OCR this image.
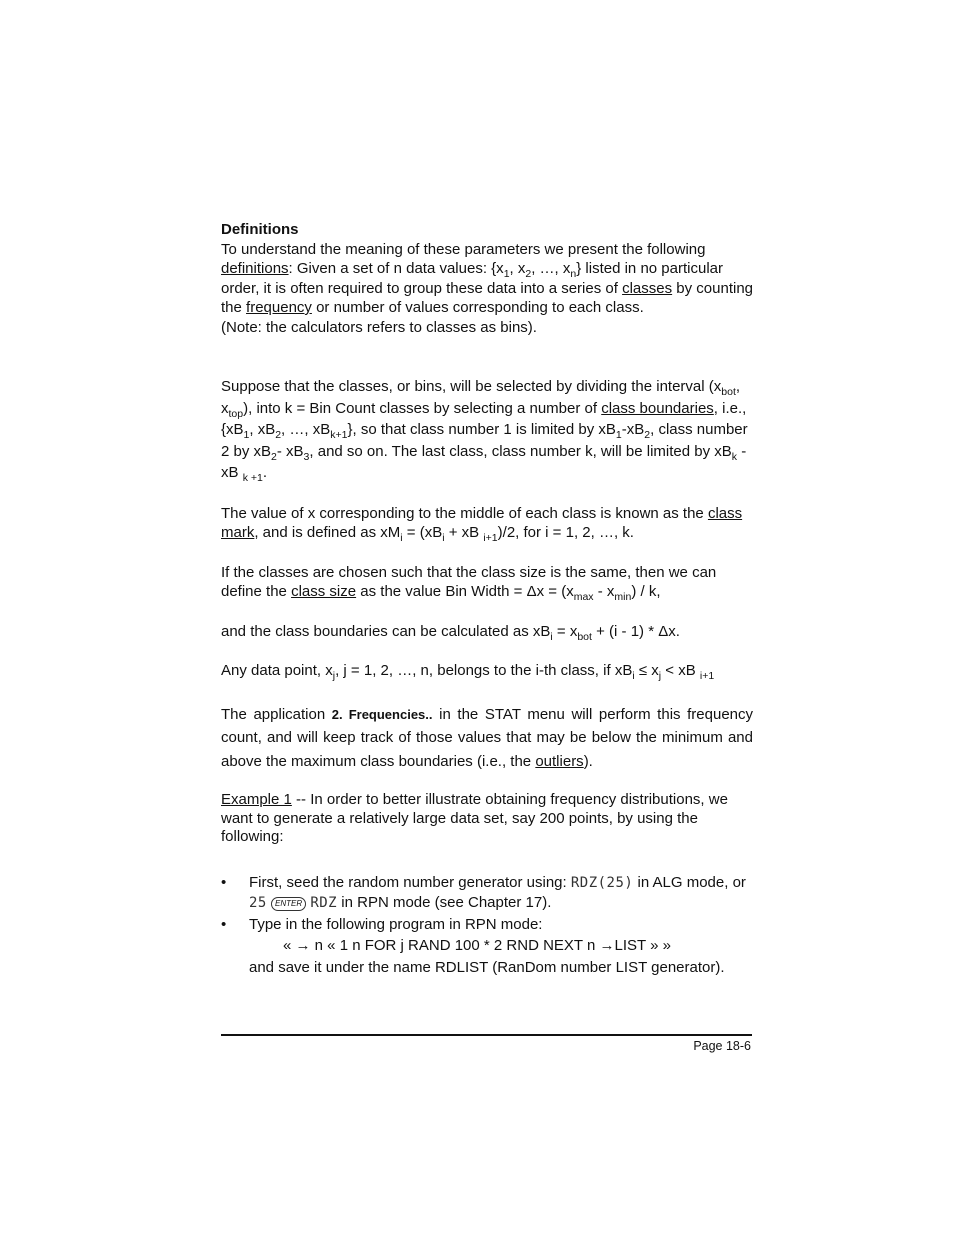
Definitions

To understand the meaning of these parameters we present the following definitions: Given a set of n data values: {$x_1$, $x_2$, …, $x_n$} listed in no particular order, it is often required to group these data into a series of classes by counting the frequency or number of values corresponding to each class.
(Note: the calculators refers to classes as bins).

Suppose that the classes, or bins, will be selected by dividing the interval ($x_{bot}$, $x_{top}$), into k = Bin Count classes by selecting a number of class boundaries, i.e., {$xB_1$, $xB_2$, …, $xB_{k+1}$}, so that class number 1 is limited by $xB_1-xB_2$, class number 2 by $xB_2-$ $xB_3$, and so on. The last class, class number k, will be limited by $xB_k$ - xB $_{k +1}$.

The value of x corresponding to the middle of each class is known as the class mark, and is defined as $xM_i = (xB_i$ + xB $_{i+1}$)/2, for i = 1, 2, …, k.

If the classes are chosen such that the class size is the same, then we can define the class size as the value Bin Width = $\Delta x = (x_{max} - x_{min}) / k$,

and the class boundaries can be calculated as $xB_i = x_{bot} + (i - 1) * \Delta x$.

Any data point, $x_j$, j = 1, 2, …, n, belongs to the i-th class, if $xB_i \le x_j$ < xB $_{i+1}$

The application 2. Frequencies.. in the STAT menu will perform this frequency count, and will keep track of those values that may be below the minimum and above the maximum class boundaries (i.e., the outliers).

Example 1 -- In order to better illustrate obtaining frequency distributions, we want to generate a relatively large data set, say 200 points, by using the following:

• First, seed the random number generator using: RDZ(25) in ALG mode, or 25 ENTER RDZ in RPN mode (see Chapter 17).
• Type in the following program in RPN mode:

« → n « 1 n FOR j RAND 100 * 2 RND NEXT n →LIST » »

and save it under the name RDLIST (RanDom number LIST generator).

Page 18-6
